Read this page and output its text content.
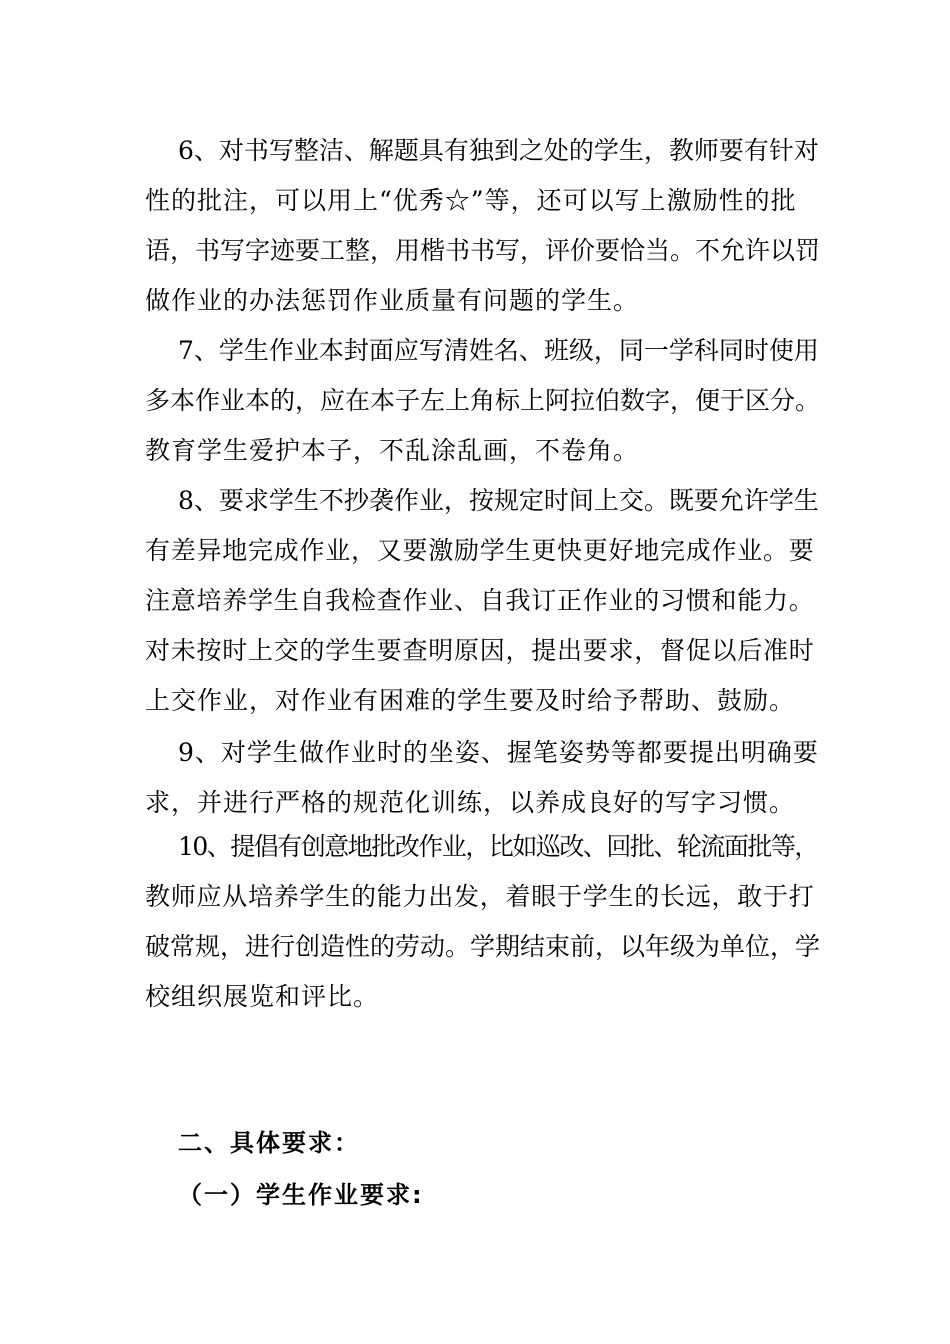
6、对书写整洁、解题具有独到之处的学生，教师要有针对
性的批注，可以用上“优秀☆”等，还可以写上激励性的批
语，书写字迹要工整，用楷书书写，评价要恰当。不允许以罚
做作业的办法惩罚作业质量有问题的学生。
7、学生作业本封面应写清姓名、班级，同一学科同时使用
多本作业本的，应在本子左上角标上阿拉伯数字，便于区分。
教育学生爱护本子，不乱涂乱画，不卷角。
8、要求学生不抄袭作业，按规定时间上交。既要允许学生
有差异地完成作业，又要激励学生更快更好地完成作业。要
注意培养学生自我检查作业、自我订正作业的习惯和能力。
对未按时上交的学生要查明原因，提出要求，督促以后准时
上交作业，对作业有困难的学生要及时给予帮助、鼓励。
9、对学生做作业时的坐姿、握笔姿势等都要提出明确要
求，并进行严格的规范化训练，以养成良好的写字习惯。
10、提倡有创意地批改作业，比如巡改、回批、轮流面批等，
教师应从培养学生的能力出发，着眼于学生的长远，敢于打
破常规，进行创造性的劳动。学期结束前，以年级为单位，学
校组织展览和评比。
二、具体要求：
（一）学生作业要求:
